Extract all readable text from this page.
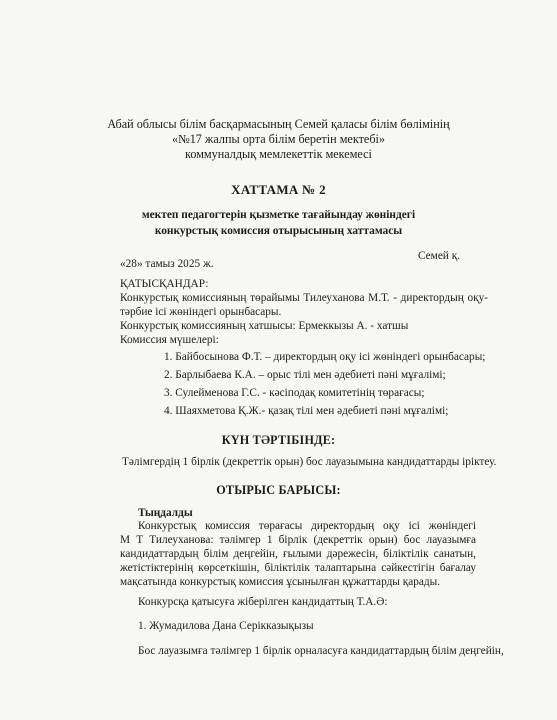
Абай облысы білім басқармасының Семей қаласы білім бөлімінің
«№17 жалпы орта білім беретін мектебі»
коммуналдық мемлекеттік мекемесі
ХАТТАМА № 2
мектеп педагогтерін қызметке тағайындау жөніндегі
конкурстық комиссия отырысының хаттамасы
Семей қ.
«28» тамыз 2025 ж.
ҚАТЫСҚАНДАР:
Конкурстық комиссияның төрайымы Тилеуханова М.Т. - директордың оқу-
тәрбие ісі жөніндегі орынбасары.
Конкурстық комиссияның хатшысы: Ермеккызы А. - хатшы
Комиссия мүшелері:
1. Байбосынова Ф.Т. – директордың оқу ісі жөніндегі орынбасары;
2. Барлыбаева К.А. – орыс тілі мен әдебиеті пәні мұғалімі;
3. Сулейменова Г.С. - кәсіподақ комитетінің төрағасы;
4. Шаяхметова Қ.Ж.- қазақ тілі мен әдебиеті пәні мұғалімі;
КҮН ТӘРТІБІНДЕ:
Тәлімгердің 1 бірлік (декреттік орын) бос лауазымына кандидаттарды іріктеу.
ОТЫРЫС БАРЫСЫ:
Тыңдалды
Конкурстық комиссия төрағасы директордың оқу ісі жөніндегі
М Т Тилеуханова: тәлімгер 1 бірлік (декреттік орын) бос лауазымға
кандидаттардың білім деңгейін, ғылыми дәрежесін, біліктілік санатын,
жетістіктерінің көрсеткішін, біліктілік талаптарына сәйкестігін бағалау
мақсатында конкурстық комиссия ұсынылған құжаттарды қарады.
Конкурсқа қатысуға жіберілген кандидаттың Т.А.Ә:
1. Жумадилова Дана Серікказықызы
Бос лауазымға тәлімгер 1 бірлік орналасуға кандидаттардың білім деңгейін,
